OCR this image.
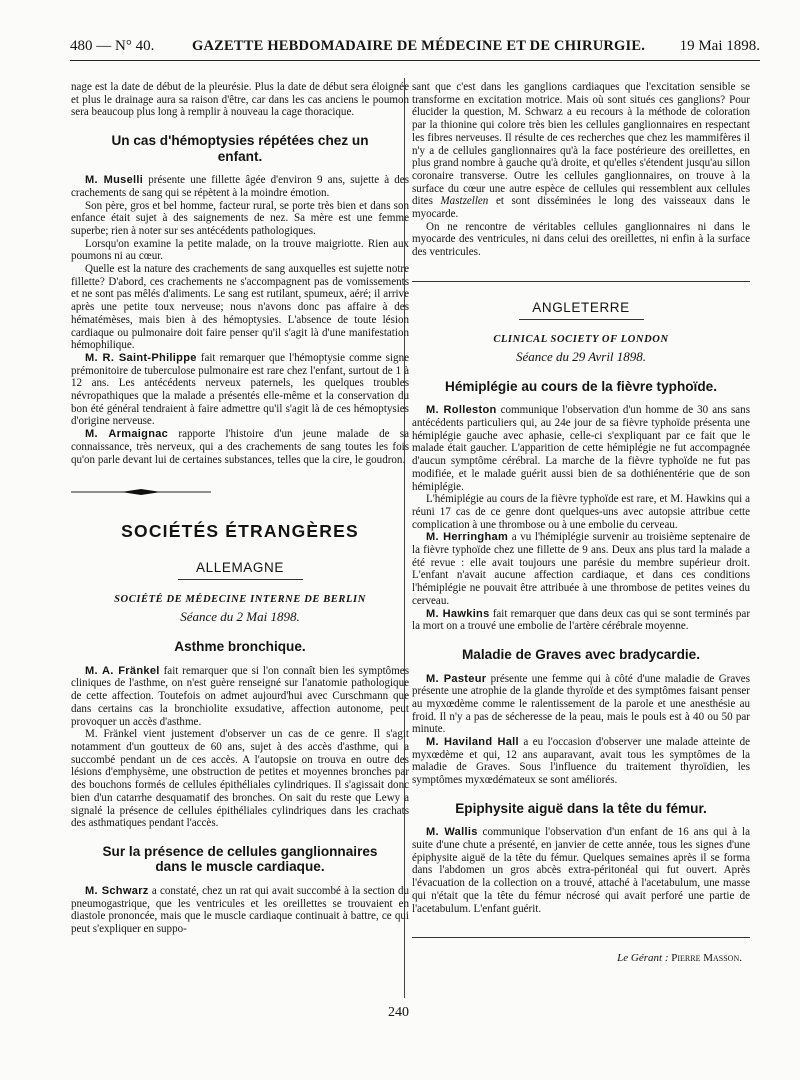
480 — N° 40.	GAZETTE HEBDOMADAIRE DE MÉDECINE ET DE CHIRURGIE. 19 Mai 1898.

nage est la date de début de la pleurésie. Plus la date de début sera éloignée et plus le drainage aura sa raison d'être, car dans les cas anciens le poumon sera beaucoup plus long à remplir à nouveau la cage thoracique.

Un cas d'hémoptysies répétées chez un enfant.

M. Muselli présente une fillette âgée d'environ 9 ans, sujette à des crachements de sang qui se répètent à la moindre émotion.

Son père, gros et bel homme, facteur rural, se porte très bien et dans son enfance était sujet à des saignements de nez. Sa mère est une femme superbe; rien à noter sur ses antécédents pathologiques.

Lorsqu'on examine la petite malade, on la trouve maigriotte. Rien aux poumons ni au cœur.

Quelle est la nature des crachements de sang auxquelles est sujette notre fillette? D'abord, ces crachements ne s'accompagnent pas de vomissements et ne sont pas mêlés d'aliments. Le sang est rutilant, spumeux, aéré; il arrive après une petite toux nerveuse; nous n'avons donc pas affaire à des hématémèses, mais bien à des hémoptysies. L'absence de toute lésion cardiaque ou pulmonaire doit faire penser qu'il s'agit là d'une manifestation hémophilique.

M. R. Saint-Philippe fait remarquer que l'hémoptysie comme signe prémonitoire de tuberculose pulmonaire est rare chez l'enfant, surtout de 1 à 12 ans. Les antécédents nerveux paternels, les quelques troubles névropathiques que la malade a présentés elle-même et la conservation du bon été général tendraient à faire admettre qu'il s'agit là de ces hémoptysies d'origine nerveuse.

M. Armaignac rapporte l'histoire d'un jeune malade de sa connaissance, très nerveux, qui a des crachements de sang toutes les fois qu'on parle devant lui de certaines substances, telles que la cire, le goudron.

SOCIÉTÉS ÉTRANGÈRES
ALLEMAGNE
SOCIÉTÉ DE MÉDECINE INTERNE DE BERLIN
Séance du 2 Mai 1898.
Asthme bronchique.

M. A. Fränkel fait remarquer que si l'on connaît bien les symptômes cliniques de l'asthme, on n'est guère renseigné sur l'anatomie pathologique de cette affection. Toutefois on admet aujourd'hui avec Curschmann que dans certains cas la bronchiolite exsudative, affection autonome, peut provoquer un accès d'asthme.

M. Fränkel vient justement d'observer un cas de ce genre. Il s'agit notamment d'un goutteux de 60 ans, sujet à des accès d'asthme, qui a succombé pendant un de ces accès. A l'autopsie on trouva en outre des lésions d'emphysème, une obstruction de petites et moyennes bronches par des bouchons formés de cellules épithéliales cylindriques. Il s'agissait donc bien d'un catarrhe desquamatif des bronches. On sait du reste que Lewy a signalé la présence de cellules épithéliales cylindriques dans les crachats des asthmatiques pendant l'accès.

Sur la présence de cellules ganglionnaires dans le muscle cardiaque.

M. Schwarz a constaté, chez un rat qui avait succombé à la section du pneumogastrique, que les ventricules et les oreillettes se trouvaient en diastole prononcée, mais que le muscle cardiaque continuait à battre, ce qui peut s'expliquer en suppo-

sant que c'est dans les ganglions cardiaques que l'excitation sensible se transforme en excitation motrice. Mais où sont situés ces ganglions? Pour élucider la question, M. Schwarz a eu recours à la méthode de coloration par la thionine qui colore très bien les cellules ganglionnaires en respectant les fibres nerveuses. Il résulte de ces recherches que chez les mammifères il n'y a de cellules ganglionnaires qu'à la face postérieure des oreillettes, en plus grand nombre à gauche qu'à droite, et qu'elles s'étendent jusqu'au sillon coronaire transverse. Outre les cellules ganglionnaires, on trouve à la surface du cœur une autre espèce de cellules qui ressemblent aux cellules dites Mastzellen et sont disséminées le long des vaisseaux dans le myocarde.

On ne rencontre de véritables cellules ganglionnaires ni dans le myocarde des ventricules, ni dans celui des oreillettes, ni enfin à la surface des ventricules.

ANGLETERRE
CLINICAL SOCIETY OF LONDON
Séance du 29 Avril 1898.
Hémiplégie au cours de la fièvre typhoïde.

M. Rolleston communique l'observation d'un homme de 30 ans sans antécédents particuliers qui, au 24e jour de sa fièvre typhoïde présenta une hémiplégie gauche avec aphasie, celle-ci s'expliquant par ce fait que le malade était gaucher. L'apparition de cette hémiplégie ne fut accompagnée d'aucun symptôme cérébral. La marche de la fièvre typhoïde ne fut pas modifiée, et le malade guérit aussi bien de sa dothiénentérie que de son hémiplégie.

L'hémiplégie au cours de la fièvre typhoïde est rare, et M. Hawkins qui a réuni 17 cas de ce genre dont quelques-uns avec autopsie attribue cette complication à une thrombose ou à une embolie du cerveau.

M. Herringham a vu l'hémiplégie survenir au troisième septenaire de la fièvre typhoïde chez une fillette de 9 ans. Deux ans plus tard la malade a été revue : elle avait toujours une parésie du membre supérieur droit. L'enfant n'avait aucune affection cardiaque, et dans ces conditions l'hémiplégie ne pouvait être attribuée à une thrombose de petites veines du cerveau.

M. Hawkins fait remarquer que dans deux cas qui se sont terminés par la mort on a trouvé une embolie de l'artère cérébrale moyenne.

Maladie de Graves avec bradycardie.

M. Pasteur présente une femme qui à côté d'une maladie de Graves présente une atrophie de la glande thyroïde et des symptômes faisant penser au myxœdème comme le ralentissement de la parole et une anesthésie au froid. Il n'y a pas de sécheresse de la peau, mais le pouls est à 40 ou 50 par minute.

M. Haviland Hall a eu l'occasion d'observer une malade atteinte de myxœdème et qui, 12 ans auparavant, avait tous les symptômes de la maladie de Graves. Sous l'influence du traitement thyroïdien, les symptômes myxœdémateux se sont améliorés.

Epiphysite aiguë dans la tête du fémur.

M. Wallis communique l'observation d'un enfant de 16 ans qui à la suite d'une chute a présenté, en janvier de cette année, tous les signes d'une épiphysite aiguë de la tête du fémur. Quelques semaines après il se forma dans l'abdomen un gros abcès extra-péritonéal qui fut ouvert. Après l'évacuation de la collection on a trouvé, attaché à l'acetabulum, une masse qui n'était que la tête du fémur nécrosé qui avait perforé une partie de l'acetabulum. L'enfant guérit.

Le Gérant : Pierre Masson.
240
